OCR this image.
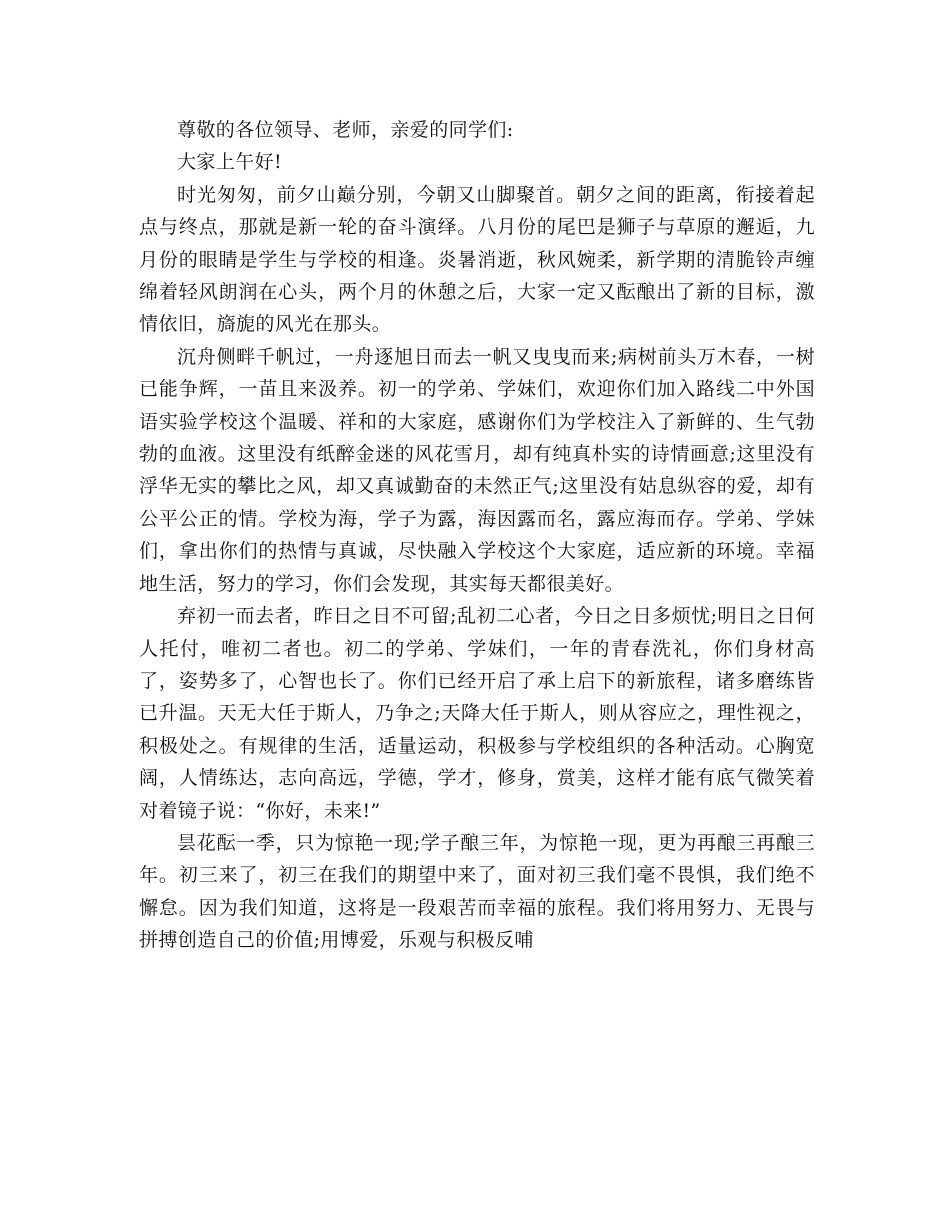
尊敬的各位领导、老师，亲爱的同学们:

大家上午好!

时光匆匆，前夕山巅分别，今朝又山脚聚首。朝夕之间的距离，衔接着起点与终点，那就是新一轮的奋斗演绎。八月份的尾巴是狮子与草原的邂逅，九月份的眼睛是学生与学校的相逢。炎暑消逝，秋风婉柔，新学期的清脆铃声缠绵着轻风朗润在心头，两个月的休憩之后，大家一定又酝酿出了新的目标，激情依旧，旖旎的风光在那头。

沉舟侧畔千帆过，一舟逐旭日而去一帆又曳曳而来;病树前头万木春，一树已能争辉，一苗且来汲养。初一的学弟、学妹们，欢迎你们加入路线二中外国语实验学校这个温暖、祥和的大家庭，感谢你们为学校注入了新鲜的、生气勃勃的血液。这里没有纸醉金迷的风花雪月，却有纯真朴实的诗情画意;这里没有浮华无实的攀比之风，却又真诚勤奋的未然正气;这里没有姑息纵容的爱，却有公平公正的情。学校为海，学子为露，海因露而名，露应海而存。学弟、学妹们，拿出你们的热情与真诚，尽快融入学校这个大家庭，适应新的环境。幸福地生活，努力的学习，你们会发现，其实每天都很美好。

弃初一而去者，昨日之日不可留;乱初二心者，今日之日多烦忧;明日之日何人托付，唯初二者也。初二的学弟、学妹们，一年的青春洗礼，你们身材高了，姿势多了，心智也长了。你们已经开启了承上启下的新旅程，诸多磨练皆已升温。天无大任于斯人，乃争之;天降大任于斯人，则从容应之，理性视之，积极处之。有规律的生活，适量运动，积极参与学校组织的各种活动。心胸宽阔，人情练达，志向高远，学德，学才，修身，赏美，这样才能有底气微笑着对着镜子说：“你好，未来!”

昙花酝一季，只为惊艳一现;学子酿三年，为惊艳一现，更为再酿三再酿三年。初三来了，初三在我们的期望中来了，面对初三我们毫不畏惧，我们绝不懈怠。因为我们知道，这将是一段艰苦而幸福的旅程。我们将用努力、无畏与拼搏创造自己的价值;用博爱，乐观与积极反哺
